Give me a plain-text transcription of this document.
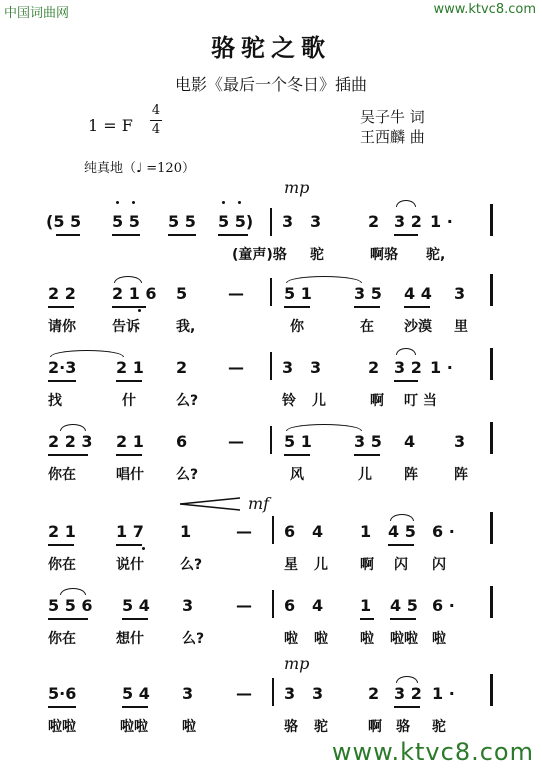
中国词曲网	www.ktvc8.com
骆驼之歌
电影《最后一个冬日》插曲
1 = F
4
4
吴子牛 词
王西麟 曲
纯真地（♩ =120）
mp
(5 5 5 5 5 5 5 5) 3 3	2 3 2 1 ·
(童声)骆 驼	啊骆 驼,
2 2 2 1 6 5	—	5 1	3 5 4 4 3
请你	告诉	我,	你	在 沙漠 里
2·3 2 1 2	— 3 3	2 3 2 1 ·
找	什	么?	铃 儿	啊 叮 当
2 2 3 2 1 6	—	5 1	3 5 4 3
你在	唱什 么?	风	儿 阵	阵
mf
2 1	1 7 1	— 6 4 1 4 5 6 ·
你在	说什	么?	星 儿 啊 闪 闪
5 5 6 5 4 3	— 6 4 1 4 5 6 ·
你在	想什	么?	啦 啦 啦 啦啦 啦
mp
5·6	5 4 3	— 3 3	2 3 2 1 ·
啦啦	啦啦 啦	骆 驼	啊 骆 驼
www.ktvc8.com
